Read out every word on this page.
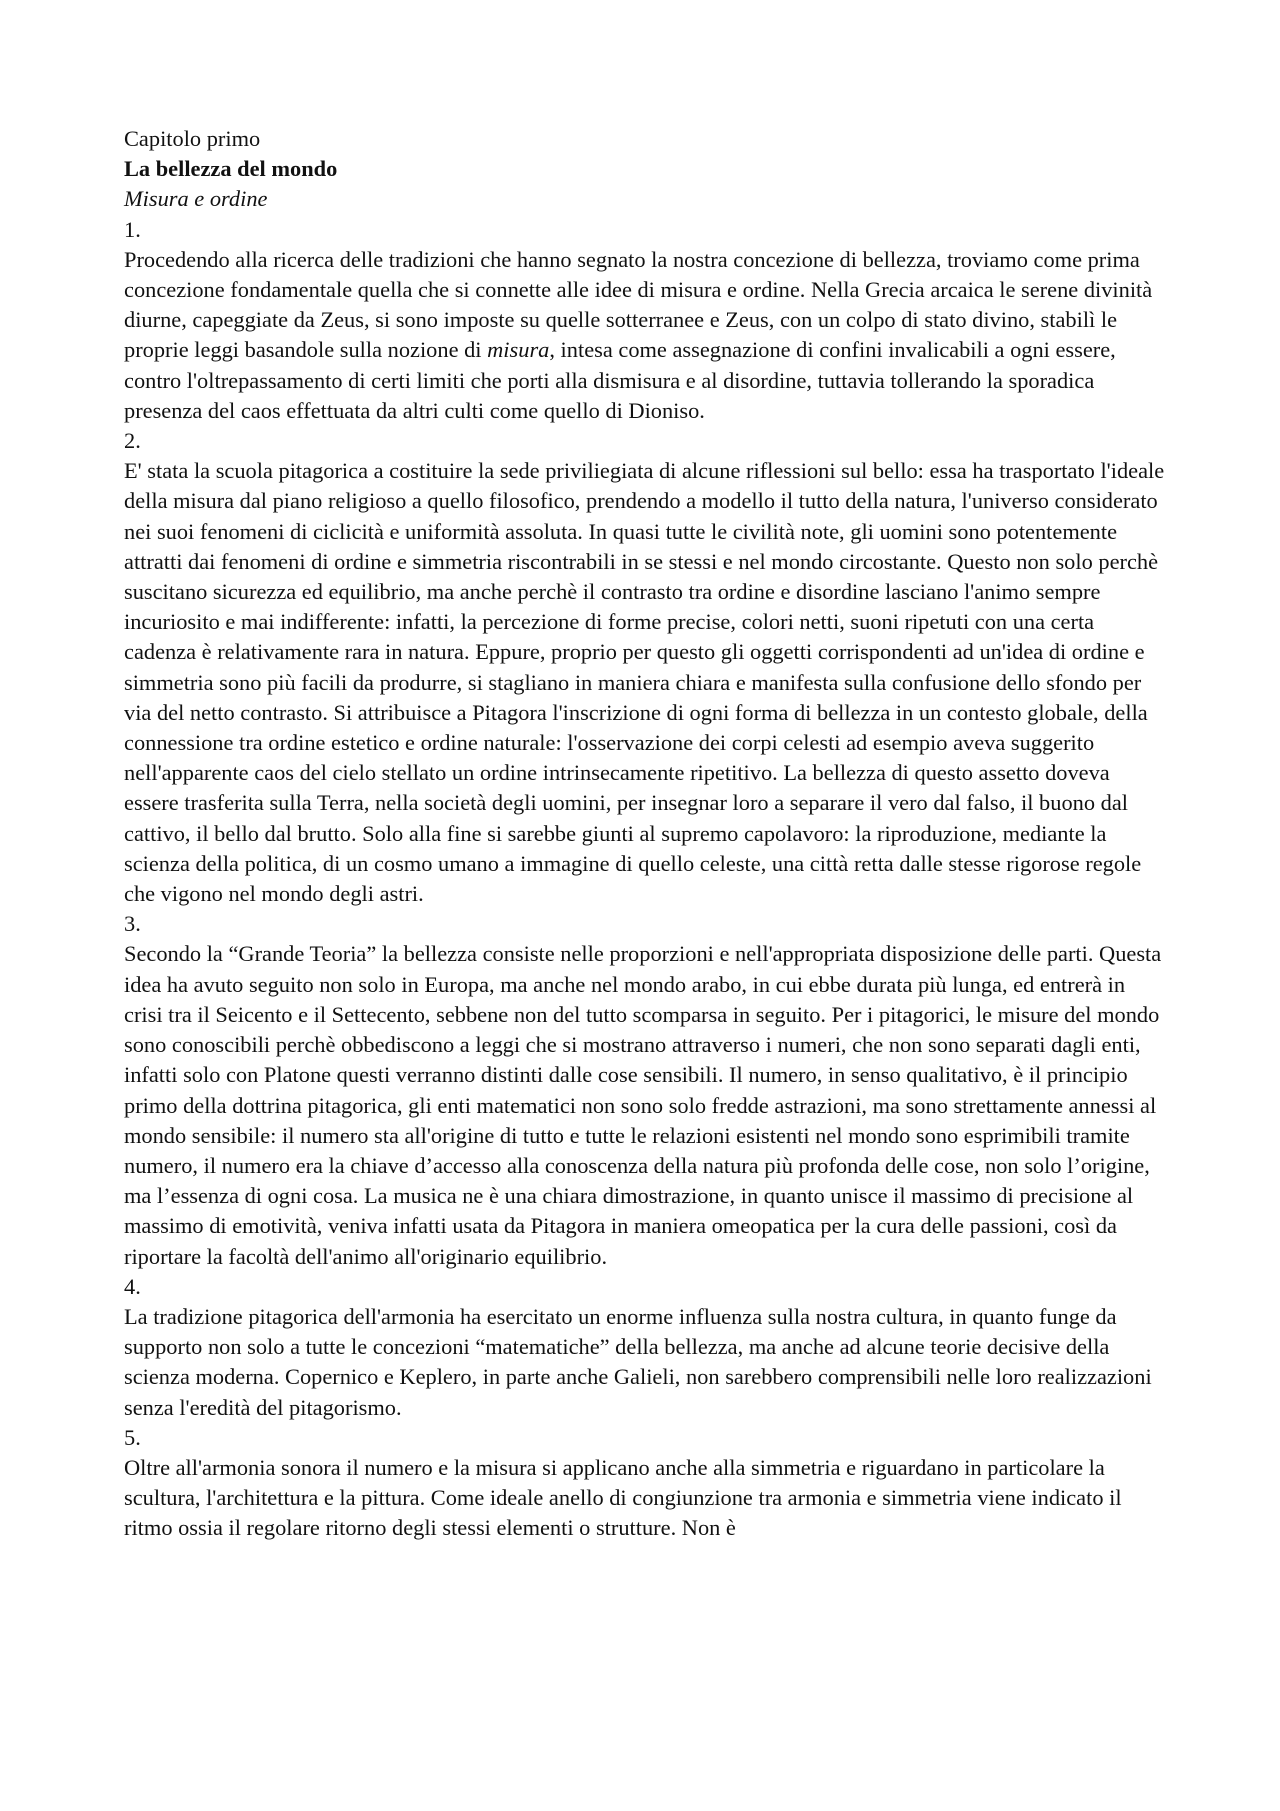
Capitolo primo
La bellezza del mondo
Misura e ordine
1.

Procedendo alla ricerca delle tradizioni che hanno segnato la nostra concezione di bellezza, troviamo come prima concezione fondamentale quella che si connette alle idee di misura e ordine. Nella Grecia arcaica le serene divinità diurne, capeggiate da Zeus, si sono imposte su quelle sotterranee e Zeus, con un colpo di stato divino, stabilì le proprie leggi basandole sulla nozione di misura, intesa come assegnazione di confini invalicabili a ogni essere, contro l'oltrepassamento di certi limiti che porti alla dismisura e al disordine, tuttavia tollerando la sporadica presenza del caos effettuata da altri culti come quello di Dioniso.

2.

E' stata la scuola pitagorica a costituire la sede priviliegiata di alcune riflessioni sul bello: essa ha trasportato l'ideale della misura dal piano religioso a quello filosofico, prendendo a modello il tutto della natura, l'universo considerato nei suoi fenomeni di ciclicità e uniformità assoluta. In quasi tutte le civilità note, gli uomini sono potentemente attratti dai fenomeni di ordine e simmetria riscontrabili in se stessi e nel mondo circostante. Questo non solo perchè suscitano sicurezza ed equilibrio, ma anche perchè il contrasto tra ordine e disordine lasciano l'animo sempre incuriosito e mai indifferente: infatti, la percezione di forme precise, colori netti, suoni ripetuti con una certa cadenza è relativamente rara in natura. Eppure, proprio per questo gli oggetti corrispondenti ad un'idea di ordine e simmetria sono più facili da produrre, si stagliano in maniera chiara e manifesta sulla confusione dello sfondo per via del netto contrasto. Si attribuisce a Pitagora l'inscrizione di ogni forma di bellezza in un contesto globale, della connessione tra ordine estetico e ordine naturale: l'osservazione dei corpi celesti ad esempio aveva suggerito nell'apparente caos del cielo stellato un ordine intrinsecamente ripetitivo. La bellezza di questo assetto doveva essere trasferita sulla Terra, nella società degli uomini, per insegnar loro a separare il vero dal falso, il buono dal cattivo, il bello dal brutto. Solo alla fine si sarebbe giunti al supremo capolavoro: la riproduzione, mediante la scienza della politica, di un cosmo umano a immagine di quello celeste, una città retta dalle stesse rigorose regole che vigono nel mondo degli astri.

3.

Secondo la “Grande Teoria” la bellezza consiste nelle proporzioni e nell'appropriata disposizione delle parti. Questa idea ha avuto seguito non solo in Europa, ma anche nel mondo arabo, in cui ebbe durata più lunga, ed entrerà in crisi tra il Seicento e il Settecento, sebbene non del tutto scomparsa in seguito. Per i pitagorici, le misure del mondo sono conoscibili perchè obbediscono a leggi che si mostrano attraverso i numeri, che non sono separati dagli enti, infatti solo con Platone questi verranno distinti dalle cose sensibili. Il numero, in senso qualitativo, è il principio primo della dottrina pitagorica, gli enti matematici non sono solo fredde astrazioni, ma sono strettamente annessi al mondo sensibile: il numero sta all'origine di tutto e tutte le relazioni esistenti nel mondo sono esprimibili tramite numero, il numero era la chiave d’accesso alla conoscenza della natura più profonda delle cose, non solo l’origine, ma l’essenza di ogni cosa. La musica ne è una chiara dimostrazione, in quanto unisce il massimo di precisione al massimo di emotività, veniva infatti usata da Pitagora in maniera omeopatica per la cura delle passioni, così da riportare la facoltà dell'animo all'originario equilibrio.

4.

La tradizione pitagorica dell'armonia ha esercitato un enorme influenza sulla nostra cultura, in quanto funge da supporto non solo a tutte le concezioni “matematiche” della bellezza, ma anche ad alcune teorie decisive della scienza moderna. Copernico e Keplero, in parte anche Galieli, non sarebbero comprensibili nelle loro realizzazioni senza l'eredità del pitagorismo.

5.

Oltre all'armonia sonora il numero e la misura si applicano anche alla simmetria e riguardano in particolare la scultura, l'architettura e la pittura. Come ideale anello di congiunzione tra armonia e simmetria viene indicato il ritmo ossia il regolare ritorno degli stessi elementi o strutture. Non è
